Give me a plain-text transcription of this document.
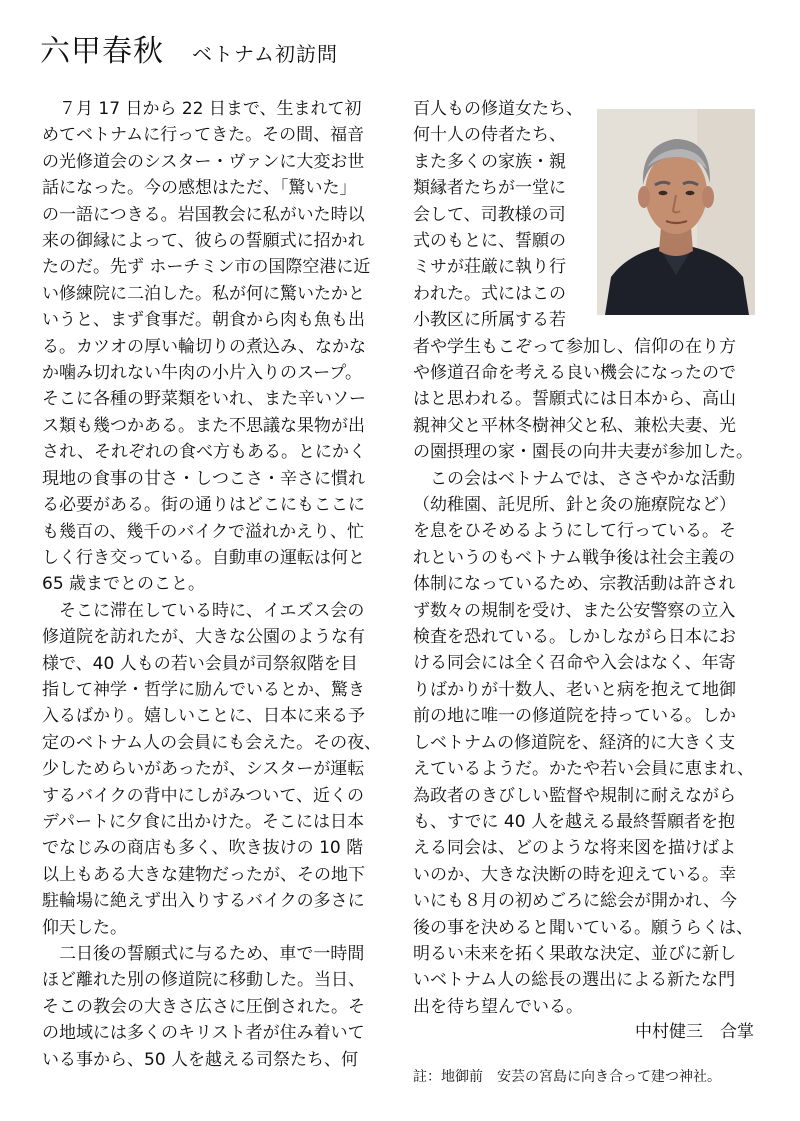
六甲春秋 ベトナム初訪問
　７月 17 日から 22 日まで、生まれて初
めてベトナムに行ってきた。その間、福音
の光修道会のシスター・ヴァンに大変お世
話になった。今の感想はただ、「驚いた」
の一語につきる。岩国教会に私がいた時以
来の御縁によって、彼らの誓願式に招かれ
たのだ。先ず ホーチミン市の国際空港に近
い修練院に二泊した。私が何に驚いたかと
いうと、まず食事だ。朝食から肉も魚も出
る。カツオの厚い輪切りの煮込み、なかな
か噛み切れない牛肉の小片入りのスープ。
そこに各種の野菜類をいれ、また辛いソー
ス類も幾つかある。また不思議な果物が出
され、それぞれの食べ方もある。とにかく
現地の食事の甘さ・しつこさ・辛さに慣れ
る必要がある。街の通りはどこにもここに
も幾百の、幾千のバイクで溢れかえり、忙
しく行き交っている。自動車の運転は何と
65 歳までとのこと。
　そこに滞在している時に、イエズス会の
修道院を訪れたが、大きな公園のような有
様で、40 人もの若い会員が司祭叙階を目
指して神学・哲学に励んでいるとか、驚き
入るばかり。嬉しいことに、日本に来る予
定のベトナム人の会員にも会えた。その夜、
少しためらいがあったが、シスターが運転
するバイクの背中にしがみついて、近くの
デパートに夕食に出かけた。そこには日本
でなじみの商店も多く、吹き抜けの 10 階
以上もある大きな建物だったが、その地下
駐輪場に絶えず出入りするバイクの多さに
仰天した。
　二日後の誓願式に与るため、車で一時間
ほど離れた別の修道院に移動した。当日、
そこの教会の大きさ広さに圧倒された。そ
の地域には多くのキリスト者が住み着いて
いる事から、50 人を越える司祭たち、何
百人もの修道女たち、
何十人の侍者たち、
また多くの家族・親
類縁者たちが一堂に
会して、司教様の司
式のもとに、誓願の
ミサが荘厳に執り行
われた。式にはこの
小教区に所属する若
者や学生もこぞって参加し、信仰の在り方
や修道召命を考える良い機会になったので
はと思われる。誓願式には日本から、高山
親神父と平林冬樹神父と私、兼松夫妻、光
の園摂理の家・園長の向井夫妻が参加した。
　この会はベトナムでは、ささやかな活動
（幼稚園、託児所、針と灸の施療院など）
を息をひそめるようにして行っている。そ
れというのもベトナム戦争後は社会主義の
体制になっているため、宗教活動は許され
ず数々の規制を受け、また公安警察の立入
検査を恐れている。しかしながら日本にお
ける同会には全く召命や入会はなく、年寄
りばかりが十数人、老いと病を抱えて地御
前の地に唯一の修道院を持っている。しか
しベトナムの修道院を、経済的に大きく支
えているようだ。かたや若い会員に恵まれ、
為政者のきびしい監督や規制に耐えながら
も、すでに 40 人を越える最終誓願者を抱
える同会は、どのような将来図を描けばよ
いのか、大きな決断の時を迎えている。幸
いにも８月の初めごろに総会が開かれ、今
後の事を決めると聞いている。願うらくは、
明るい未来を拓く果敢な決定、並びに新し
いベトナム人の総長の選出による新たな門
出を待ち望んでいる。
中村健三　合掌
註：地御前　安芸の宮島に向き合って建つ神社。
